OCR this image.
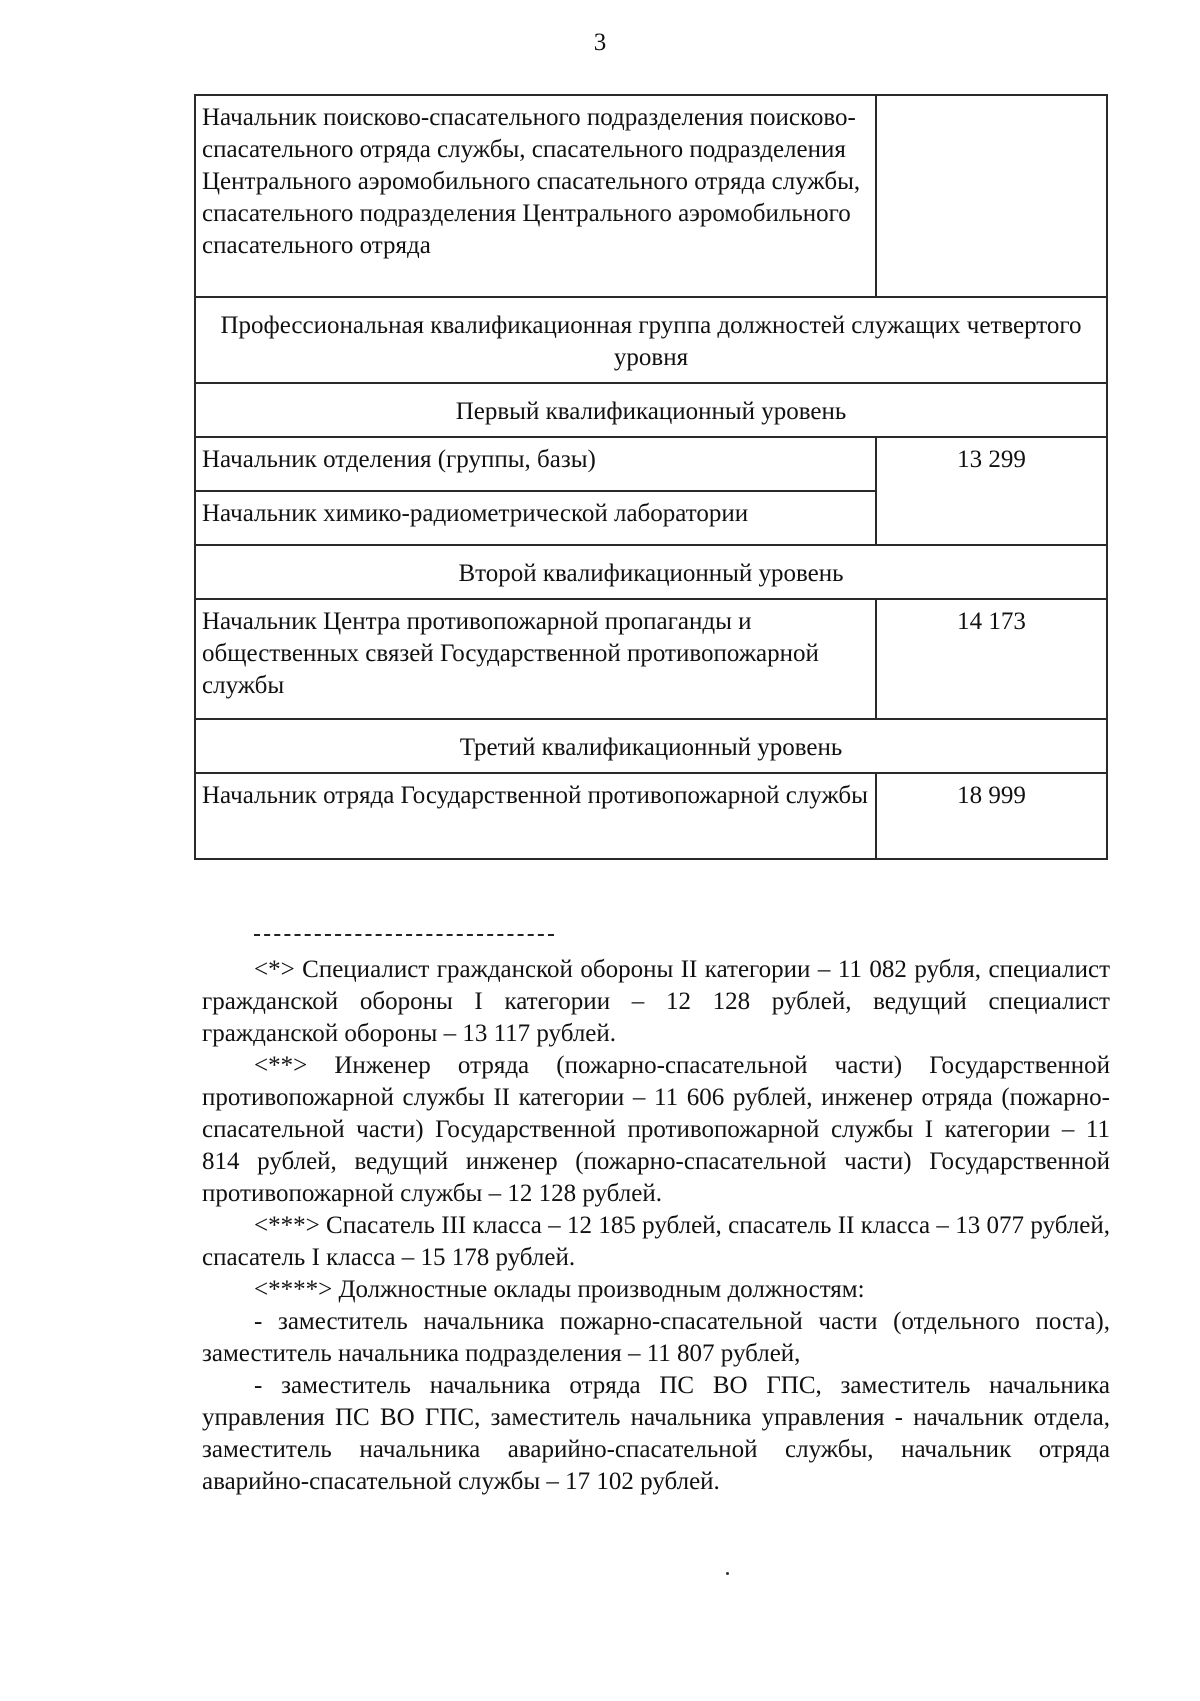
3
Начальник поисково-спасательного подразделения поисково-спасательного отряда службы, спасательного подразделения Центрального аэромобильного спасательного отряда службы, спасательного подразделения Центрального аэромобильного спасательного отряда	
Профессиональная квалификационная группа должностей служащих четвертого уровня	
Первый квалификационный уровень	
Начальник отделения (группы, базы)	13 299
Начальник химико-радиометрической лаборатории	
Второй квалификационный уровень	
Начальник Центра противопожарной пропаганды и общественных связей Государственной противопожарной службы	14 173
Третий квалификационный уровень	
Начальник отряда Государственной противопожарной службы	18 999

<*> Специалист гражданской обороны II категории – 11 082 рубля, специалист гражданской обороны I категории – 12 128 рублей, ведущий специалист гражданской обороны – 13 117 рублей.

<**> Инженер отряда (пожарно-спасательной части) Государственной противопожарной службы II категории – 11 606 рублей, инженер отряда (пожарно-спасательной части) Государственной противопожарной службы I категории – 11 814 рублей, ведущий инженер (пожарно-спасательной части) Государственной противопожарной службы – 12 128 рублей.

<***> Спасатель III класса – 12 185 рублей, спасатель II класса – 13 077 рублей, спасатель I класса – 15 178 рублей.

<****> Должностные оклады производным должностям:

- заместитель начальника пожарно-спасательной части (отдельного поста), заместитель начальника подразделения – 11 807 рублей,

- заместитель начальника отряда ПС ВО ГПС, заместитель начальника управления ПС ВО ГПС, заместитель начальника управления - начальник отдела, заместитель начальника аварийно-спасательной службы, начальник отряда аварийно-спасательной службы – 17 102 рублей.
